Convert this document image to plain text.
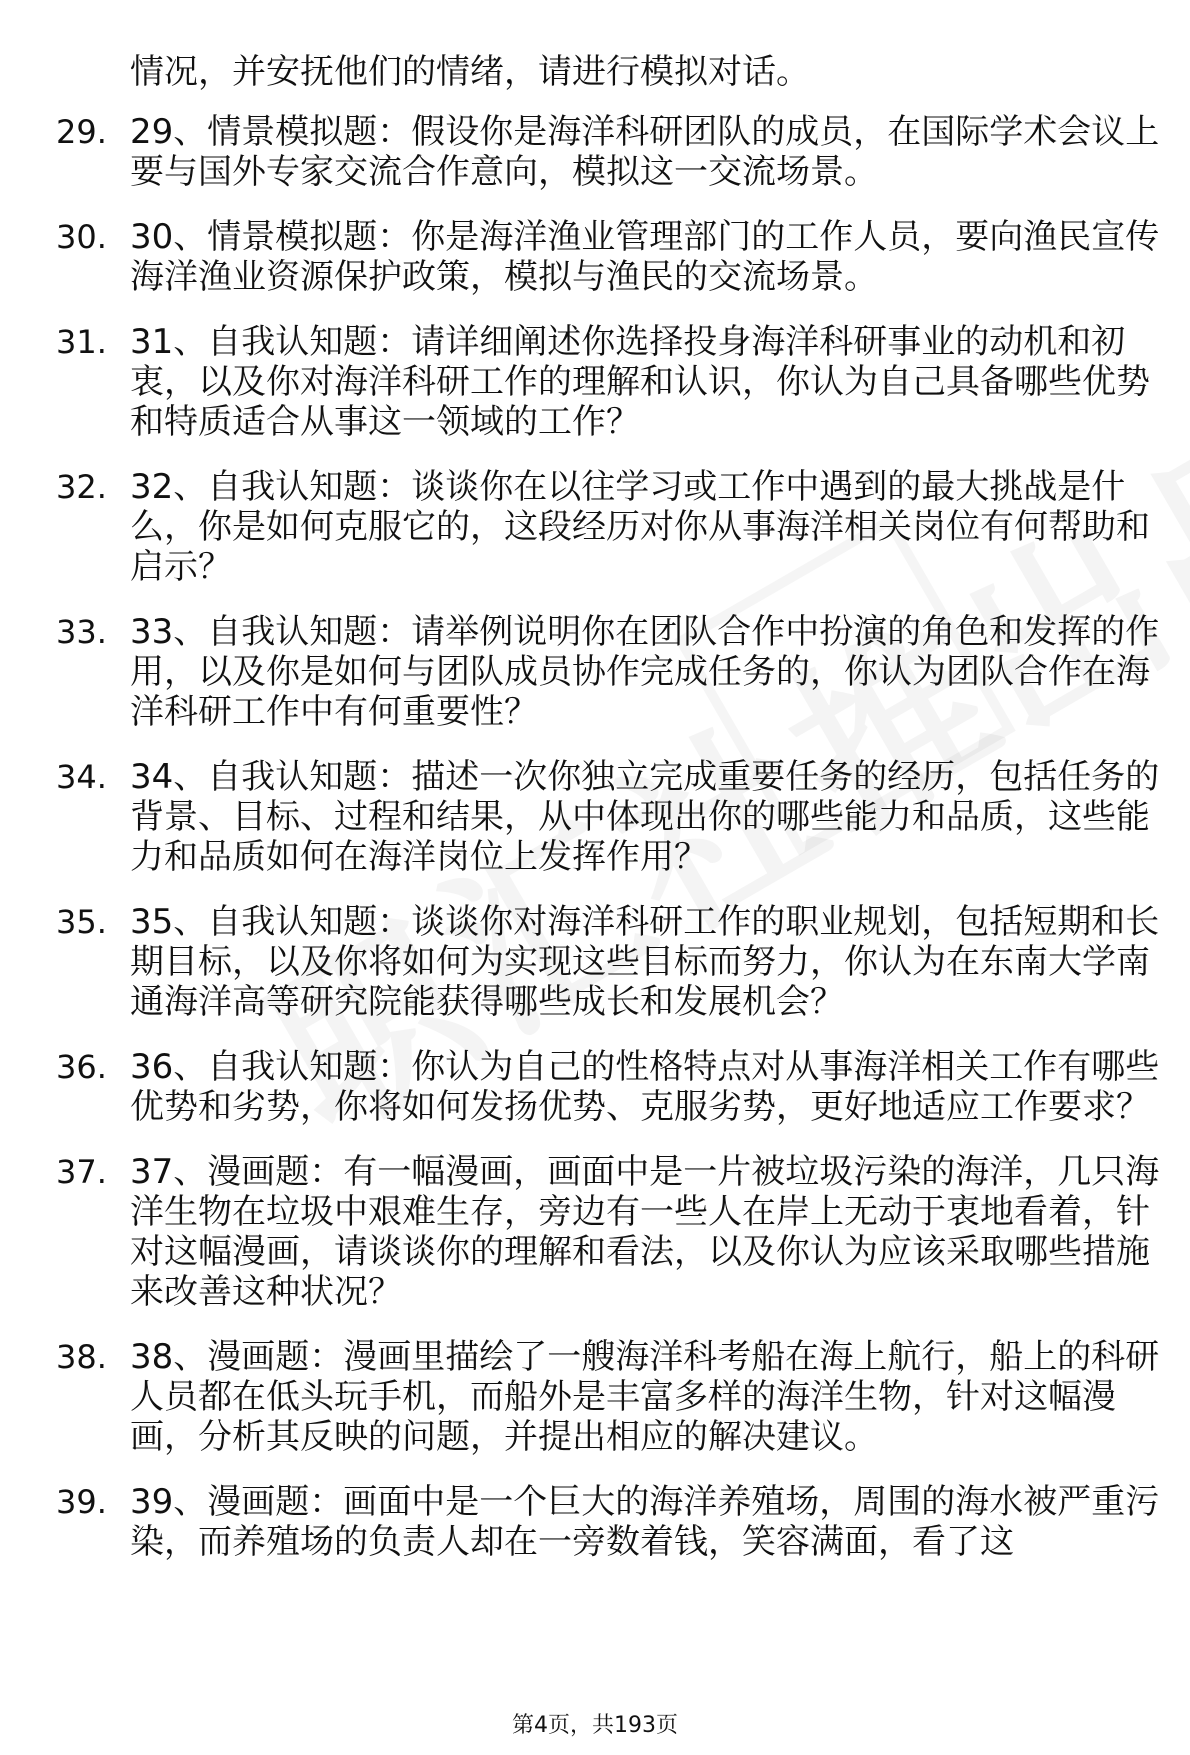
情况，并安抚他们的情绪，请进行模拟对话。

29. 29、情景模拟题：假设你是海洋科研团队的成员，在国际学术会议上要与国外专家交流合作意向，模拟这一交流场景。
30. 30、情景模拟题：你是海洋渔业管理部门的工作人员，要向渔民宣传海洋渔业资源保护政策，模拟与渔民的交流场景。
31. 31、自我认知题：请详细阐述你选择投身海洋科研事业的动机和初衷，以及你对海洋科研工作的理解和认识，你认为自己具备哪些优势和特质适合从事这一领域的工作？
32. 32、自我认知题：谈谈你在以往学习或工作中遇到的最大挑战是什么，你是如何克服它的，这段经历对你从事海洋相关岗位有何帮助和启示？
33. 33、自我认知题：请举例说明你在团队合作中扮演的角色和发挥的作用，以及你是如何与团队成员协作完成任务的，你认为团队合作在海洋科研工作中有何重要性？
34. 34、自我认知题：描述一次你独立完成重要任务的经历，包括任务的背景、目标、过程和结果，从中体现出你的哪些能力和品质，这些能力和品质如何在海洋岗位上发挥作用？
35. 35、自我认知题：谈谈你对海洋科研工作的职业规划，包括短期和长期目标，以及你将如何为实现这些目标而努力，你认为在东南大学南通海洋高等研究院能获得哪些成长和发展机会？
36. 36、自我认知题：你认为自己的性格特点对从事海洋相关工作有哪些优势和劣势，你将如何发扬优势、克服劣势，更好地适应工作要求？
37. 37、漫画题：有一幅漫画，画面中是一片被垃圾污染的海洋，几只海洋生物在垃圾中艰难生存，旁边有一些人在岸上无动于衷地看着，针对这幅漫画，请谈谈你的理解和看法，以及你认为应该采取哪些措施来改善这种状况？
38. 38、漫画题：漫画里描绘了一艘海洋科考船在海上航行，船上的科研人员都在低头玩手机，而船外是丰富多样的海洋生物，针对这幅漫画，分析其反映的问题，并提出相应的解决建议。
39. 39、漫画题：画面中是一个巨大的海洋养殖场，周围的海水被严重污染，而养殖场的负责人却在一旁数着钱，笑容满面，看了这
第4页，共193页
